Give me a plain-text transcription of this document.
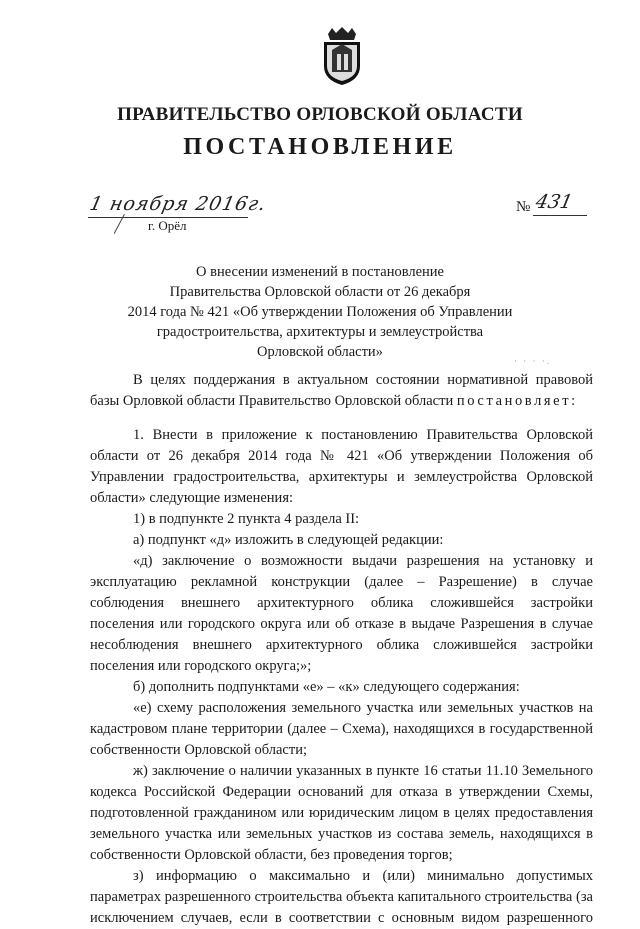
ПРАВИТЕЛЬСТВО ОРЛОВСКОЙ ОБЛАСТИ
ПОСТАНОВЛЕНИЕ
1 ноября 2016г.
г. Орёл
№ 431
О внесении изменений в постановление
Правительства Орловской области от 26 декабря
2014 года № 421 «Об утверждении Положения об Управлении
градостроительства, архитектуры и землеустройства
Орловской области»
· · · ·.

В целях поддержания в актуальном состоянии нормативной правовой базы Орловкой области Правительство Орловской области постановляет:

1. Внести в приложение к постановлению Правительства Орловской области от 26 декабря 2014 года № 421 «Об утверждении Положения об Управлении градостроительства, архитектуры и землеустройства Орловской области» следующие изменения:

1) в подпункте 2 пункта 4 раздела II:

а) подпункт «д» изложить в следующей редакции:

«д) заключение о возможности выдачи разрешения на установку и эксплуатацию рекламной конструкции (далее – Разрешение) в случае соблюдения внешнего архитектурного облика сложившейся застройки поселения или городского округа или об отказе в выдаче Разрешения в случае несоблюдения внешнего архитектурного облика сложившейся застройки поселения или городского округа;»;

б) дополнить подпунктами «е» – «к» следующего содержания:

«е) схему расположения земельного участка или земельных участков на кадастровом плане территории (далее – Схема), находящихся в государственной собственности Орловской области;

ж) заключение о наличии указанных в пункте 16 статьи 11.10 Земельного кодекса Российской Федерации оснований для отказа в утверждении Схемы, подготовленной гражданином или юридическим лицом в целях предоставления земельного участка или земельных участков из состава земель, находящихся в собственности Орловской области, без проведения торгов;

з) информацию о максимально и (или) минимально допустимых параметрах разрешенного строительства объекта капитального строительства (за исключением случаев, если в соответствии с основным видом разрешенного
